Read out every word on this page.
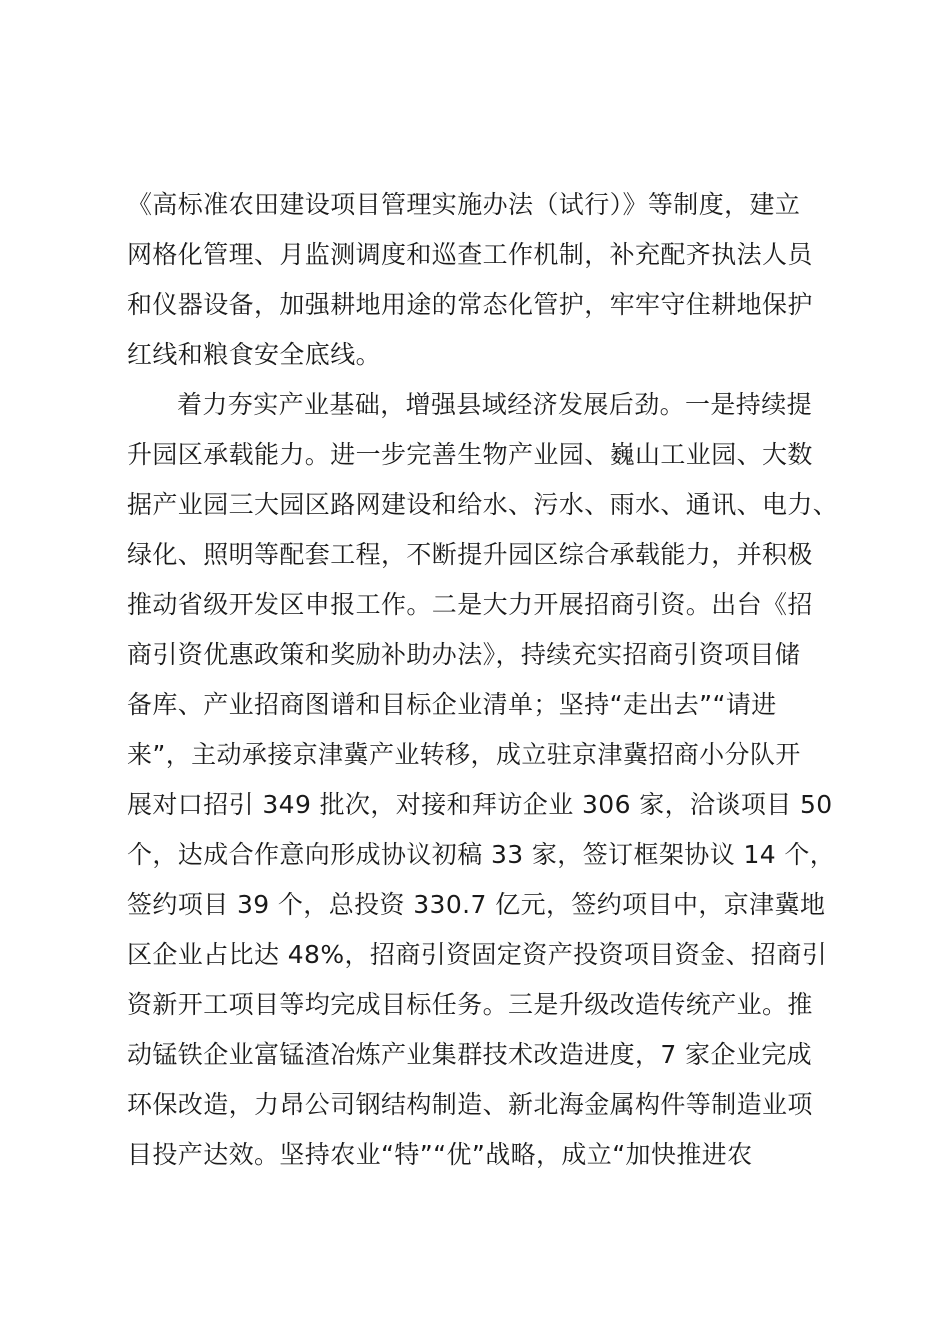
《高标准农田建设项目管理实施办法（试行）》等制度，建立
网格化管理、月监测调度和巡查工作机制，补充配齐执法人员
和仪器设备，加强耕地用途的常态化管护，牢牢守住耕地保护
红线和粮食安全底线。
着力夯实产业基础，增强县域经济发展后劲。一是持续提
升园区承载能力。进一步完善生物产业园、巍山工业园、大数
据产业园三大园区路网建设和给水、污水、雨水、通讯、电力、
绿化、照明等配套工程，不断提升园区综合承载能力，并积极
推动省级开发区申报工作。二是大力开展招商引资。出台《招
商引资优惠政策和奖励补助办法》，持续充实招商引资项目储
备库、产业招商图谱和目标企业清单；坚持“走出去”“请进
来”，主动承接京津冀产业转移，成立驻京津冀招商小分队开
展对口招引 349 批次，对接和拜访企业 306 家，洽谈项目 50
个，达成合作意向形成协议初稿 33 家，签订框架协议 14 个，
签约项目 39 个，总投资 330.7 亿元，签约项目中，京津冀地
区企业占比达 48%，招商引资固定资产投资项目资金、招商引
资新开工项目等均完成目标任务。三是升级改造传统产业。推
动锰铁企业富锰渣冶炼产业集群技术改造进度，7 家企业完成
环保改造，力昂公司钢结构制造、新北海金属构件等制造业项
目投产达效。坚持农业“特”“优”战略，成立“加快推进农
